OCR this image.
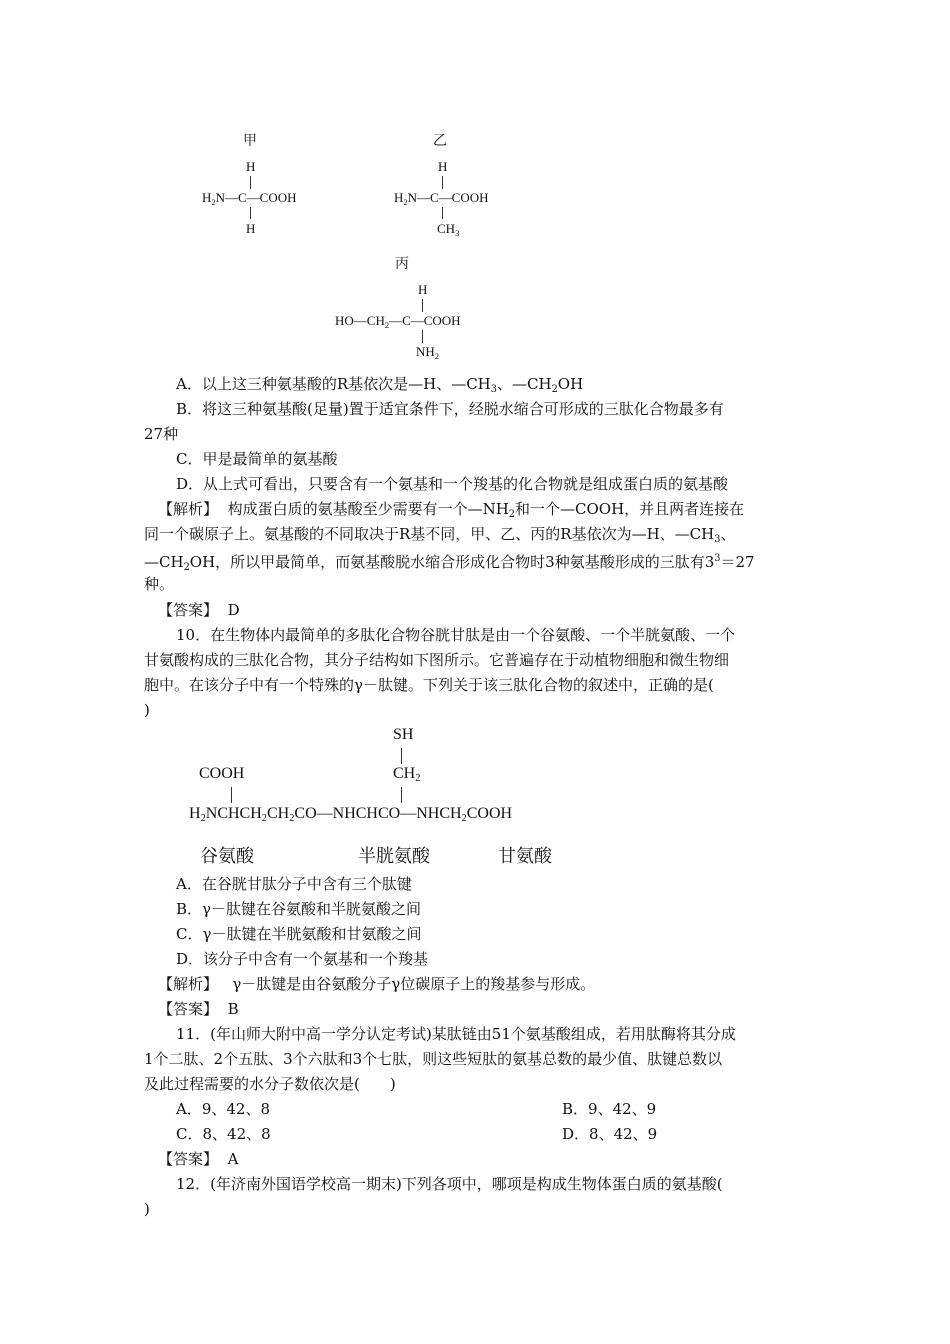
甲
H
$H_2N—C—COOH$
H
乙
H
$H_2N—C—COOH$
$CH_3$
丙
H
$HO—CH_2—C—COOH$
$NH_2$
A．以上这三种氨基酸的R基依次是—H、$—CH_3$、$—CH_2OH$
B．将这三种氨基酸(足量)置于适宜条件下，经脱水缩合可形成的三肽化合物最多有
27种
C．甲是最简单的氨基酸
D．从上式可看出，只要含有一个氨基和一个羧基的化合物就是组成蛋白质的氨基酸
【解析】 构成蛋白质的氨基酸至少需要有一个$—NH_2$和一个—COOH，并且两者连接在
同一个碳原子上。氨基酸的不同取决于R基不同，甲、乙、丙的R基依次为—H、$—CH_3$、
$—CH_2OH$，所以甲最简单，而氨基酸脱水缩合形成化合物时3种氨基酸形成的三肽有$3^3=27$
种。
【答案】 D
10．在生物体内最简单的多肽化合物谷胱甘肽是由一个谷氨酸、一个半胱氨酸、一个
甘氨酸构成的三肽化合物，其分子结构如下图所示。它普遍存在于动植物细胞和微生物细
胞中。在该分子中有一个特殊的γ－肽键。下列关于该三肽化合物的叙述中，正确的是(
)
SH
$CH_2$
COOH
$H_2NCHCH_2CH_2CO—NHCHCO—NHCH_2COOH$
谷氨酸	半胱氨酸	甘氨酸
A．在谷胱甘肽分子中含有三个肽键
B．γ－肽键在谷氨酸和半胱氨酸之间
C．γ－肽键在半胱氨酸和甘氨酸之间
D．该分子中含有一个氨基和一个羧基
【解析】 γ－肽键是由谷氨酸分子γ位碳原子上的羧基参与形成。
【答案】 B
11．(年山师大附中高一学分认定考试)某肽链由51个氨基酸组成，若用肽酶将其分成
1个二肽、2个五肽、3个六肽和3个七肽，则这些短肽的氨基总数的最少值、肽键总数以
及此过程需要的水分子数依次是(　　)
A．9、42、8	B．9、42、9
C．8、42、8	D．8、42、9
【答案】 A
12．(年济南外国语学校高一期末)下列各项中，哪项是构成生物体蛋白质的氨基酸(
)
